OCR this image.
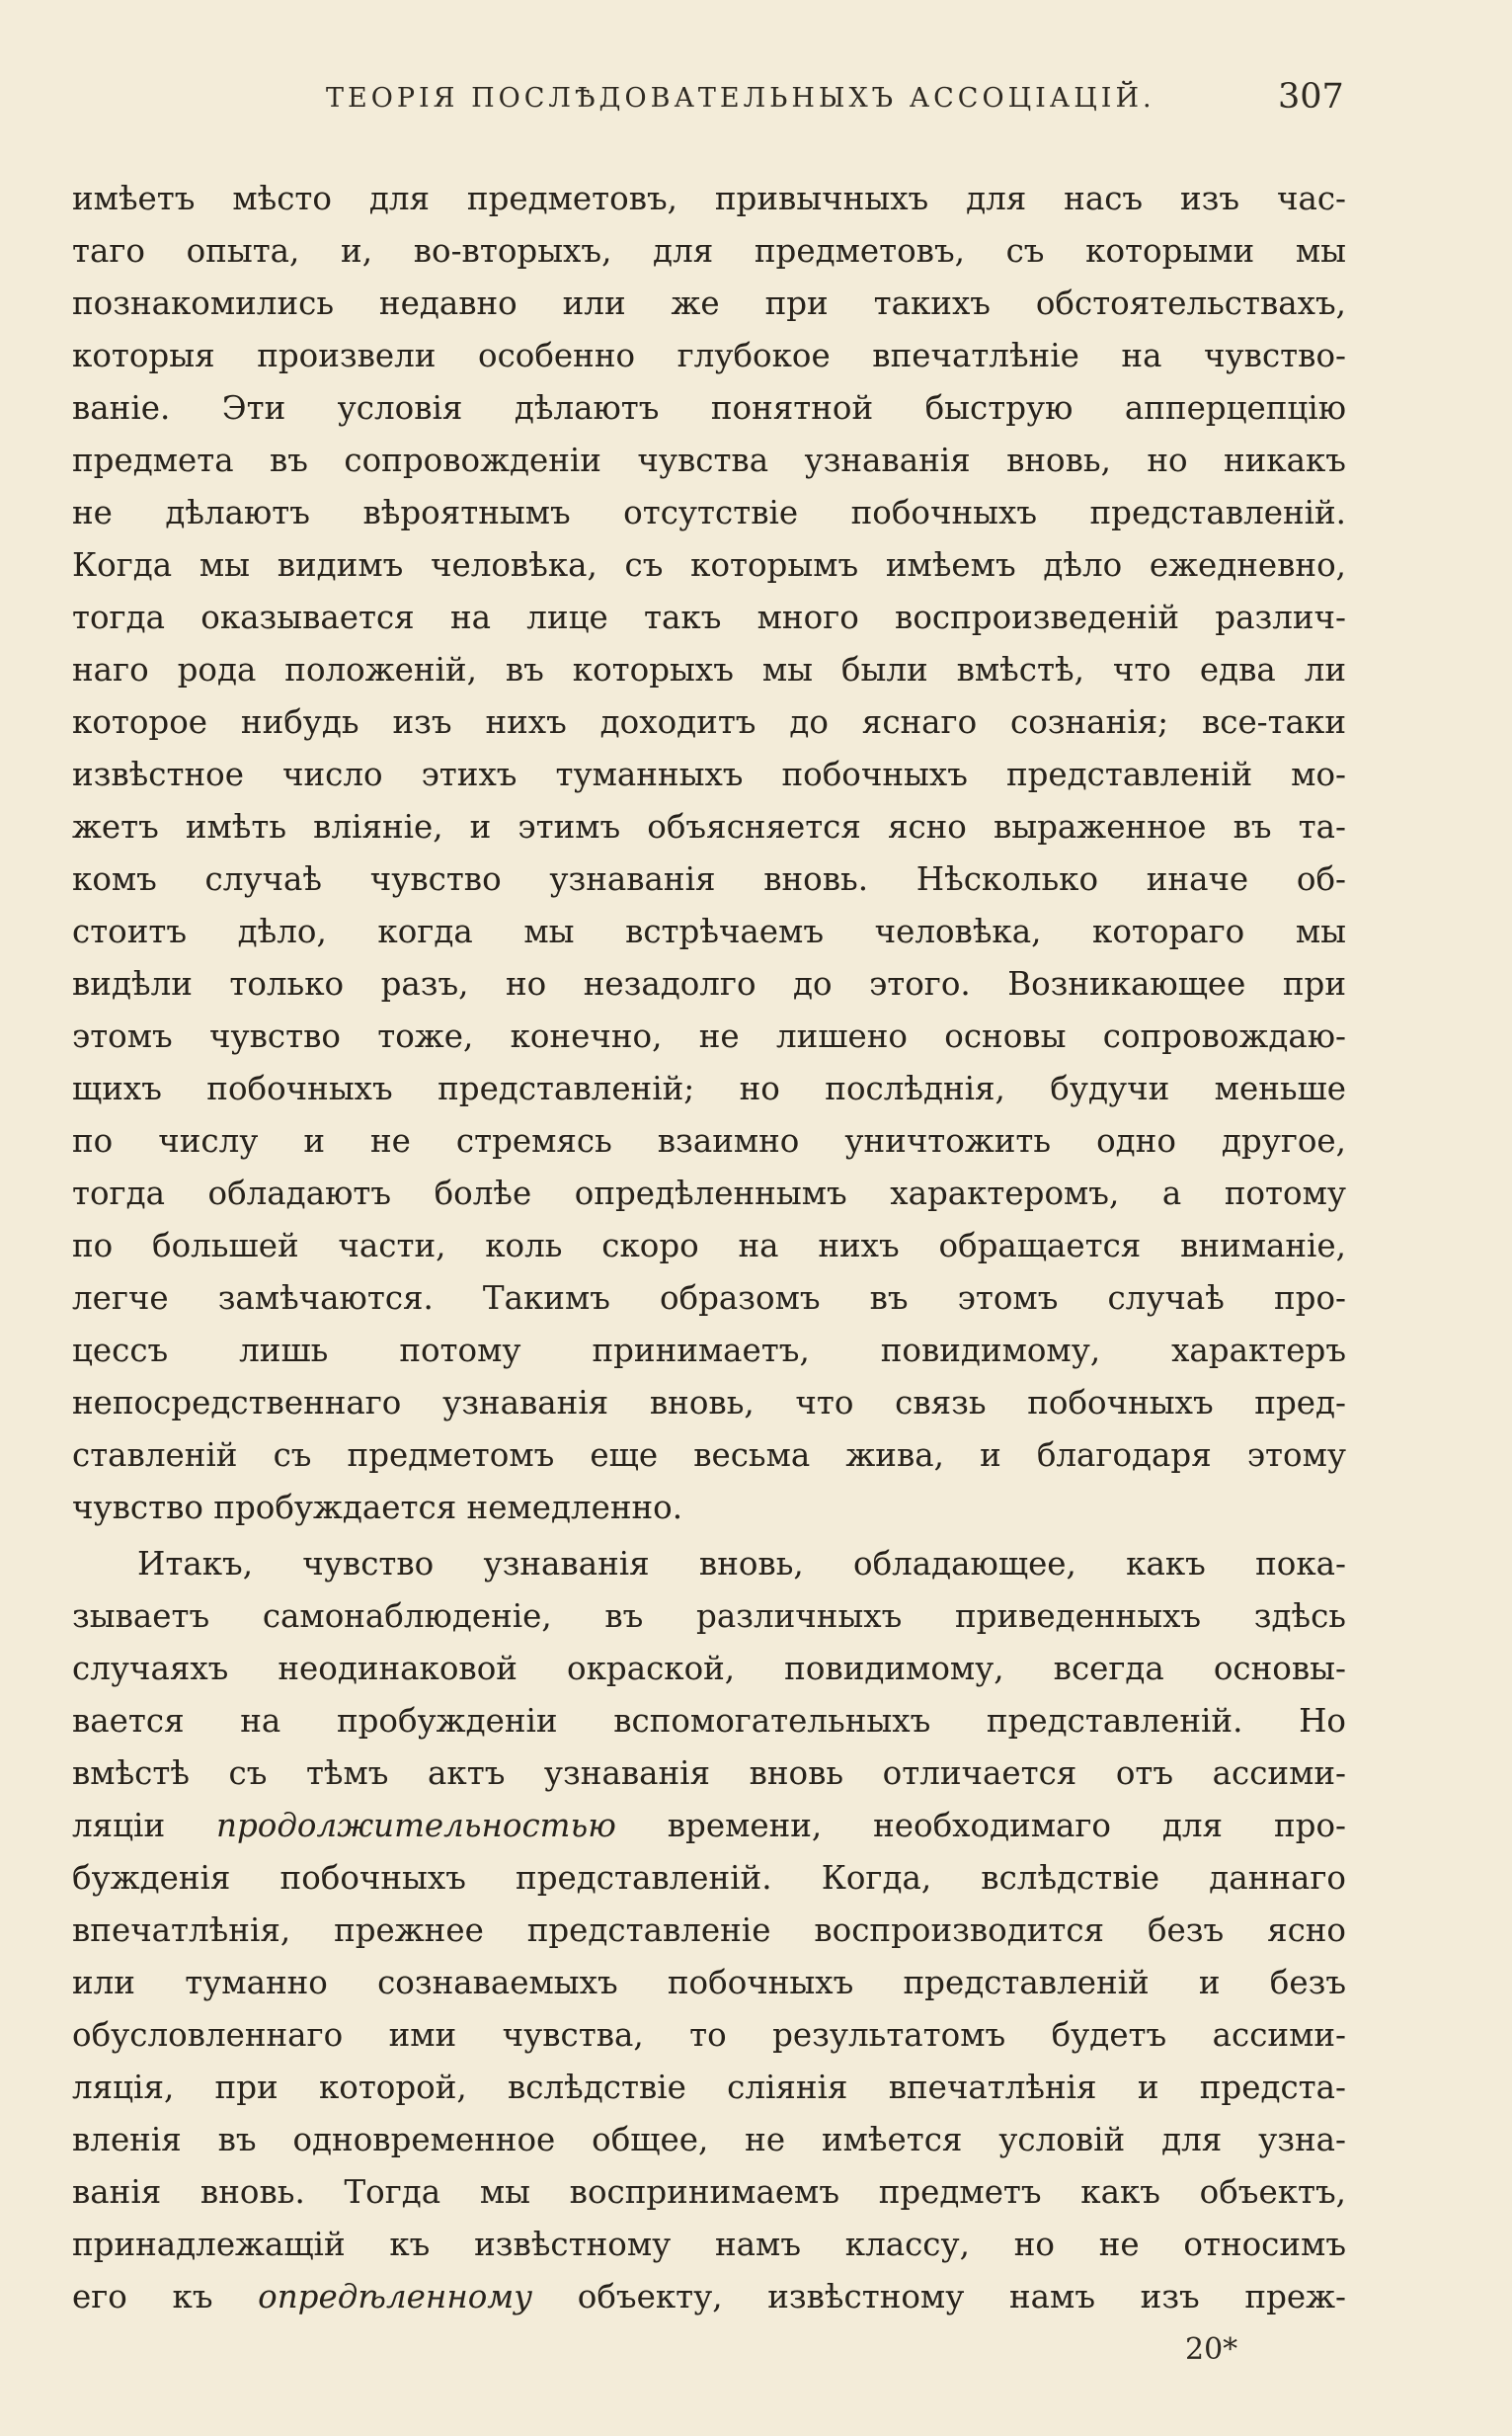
ТЕОРІЯ ПОСЛѢДОВАТЕЛЬНЫХЪ АССОЦІАЦІЙ.	307
имѣетъ мѣсто для предметовъ, привычныхъ для насъ изъ час-
таго опыта, и, во-вторыхъ, для предметовъ, съ которыми мы
познакомились недавно или же при такихъ обстоятельствахъ,
которыя произвели особенно глубокое впечатлѣніе на чувство-
ваніе. Эти условія дѣлаютъ понятной быструю апперцепцію
предмета въ сопровожденіи чувства узнаванія вновь, но никакъ
не дѣлаютъ вѣроятнымъ отсутствіе побочныхъ представленій.
Когда мы видимъ человѣка, съ которымъ имѣемъ дѣло ежедневно,
тогда оказывается на лице такъ много воспроизведеній различ-
наго рода положеній, въ которыхъ мы были вмѣстѣ, что едва ли
которое нибудь изъ нихъ доходитъ до яснаго сознанія; все-таки
извѣстное число этихъ туманныхъ побочныхъ представленій мо-
жетъ имѣть вліяніе, и этимъ объясняется ясно выраженное въ та-
комъ случаѣ чувство узнаванія вновь. Нѣсколько иначе об-
стоитъ дѣло, когда мы встрѣчаемъ человѣка, котораго мы
видѣли только разъ, но незадолго до этого. Возникающее при
этомъ чувство тоже, конечно, не лишено основы сопровождаю-
щихъ побочныхъ представленій; но послѣднія, будучи меньше
по числу и не стремясь взаимно уничтожить одно другое,
тогда обладаютъ болѣе опредѣленнымъ характеромъ, а потому
по большей части, коль скоро на нихъ обращается вниманіе,
легче замѣчаются. Такимъ образомъ въ этомъ случаѣ про-
цессъ лишь потому принимаетъ, повидимому, характеръ
непосредственнаго узнаванія вновь, что связь побочныхъ пред-
ставленій съ предметомъ еще весьма жива, и благодаря этому
чувство пробуждается немедленно.
Итакъ, чувство узнаванія вновь, обладающее, какъ пока-
зываетъ самонаблюденіе, въ различныхъ приведенныхъ здѣсь
случаяхъ неодинаковой окраской, повидимому, всегда основы-
вается на пробужденіи вспомогательныхъ представленій. Но
вмѣстѣ съ тѣмъ актъ узнаванія вновь отличается отъ ассими-
ляціи продолжительностью времени, необходимаго для про-
бужденія побочныхъ представленій. Когда, вслѣдствіе даннаго
впечатлѣнія, прежнее представленіе воспроизводится безъ ясно
или туманно сознаваемыхъ побочныхъ представленій и безъ
обусловленнаго ими чувства, то результатомъ будетъ ассими-
ляція, при которой, вслѣдствіе сліянія впечатлѣнія и предста-
вленія въ одновременное общее, не имѣется условій для узна-
ванія вновь. Тогда мы воспринимаемъ предметъ какъ объектъ,
принадлежащій къ извѣстному намъ классу, но не относимъ
его къ опредѣленному объекту, извѣстному намъ изъ преж-
20*
